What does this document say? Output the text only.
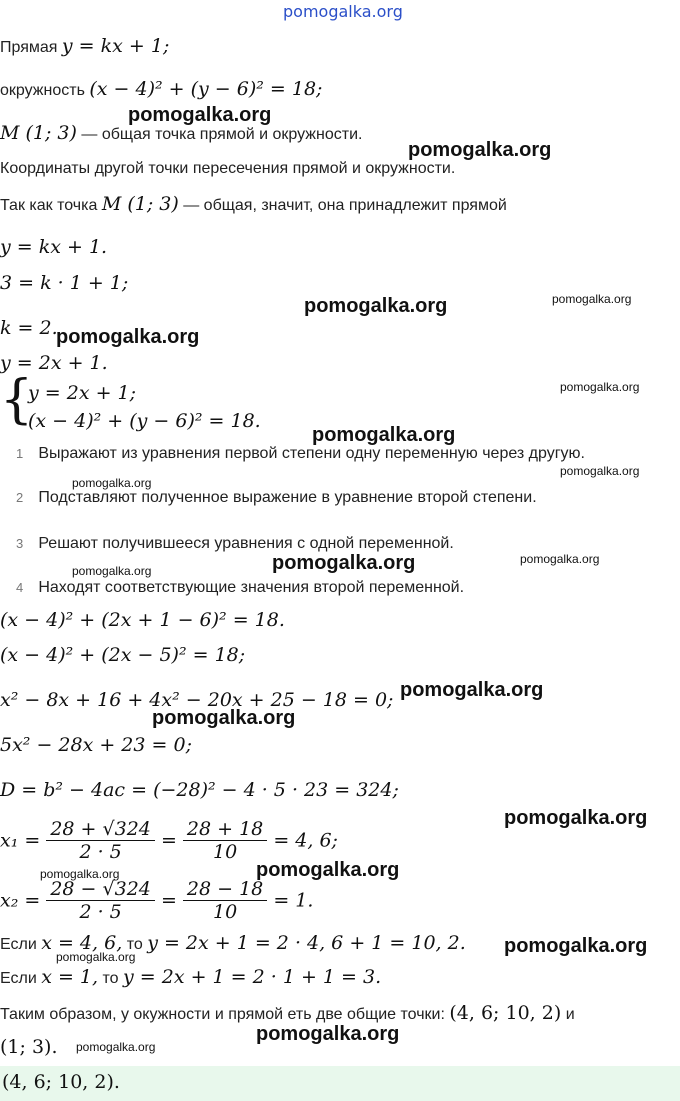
pomogalka.org
Прямая y = kx + 1;
окружность (x − 4)² + (y − 6)² = 18;
M (1; 3) — общая точка прямой и окружности.
Координаты другой точки пересечения прямой и окружности.
Так как точка M (1; 3) — общая, значит, она принадлежит прямой
y = kx + 1.
3 = k · 1 + 1;
k = 2.
y = 2x + 1.
{
y = 2x + 1;
(x − 4)² + (y − 6)² = 18.
1 Выражают из уравнения первой степени одну переменную через другую.
2 Подставляют полученное выражение в уравнение второй степени.
3 Решают получившееся уравнения с одной переменной.
4 Находят соответствующие значения второй переменной.
(x − 4)² + (2x + 1 − 6)² = 18.
(x − 4)² + (2x − 5)² = 18;
x² − 8x + 16 + 4x² − 20x + 25 − 18 = 0;
5x² − 28x + 23 = 0;
D = b² − 4ac = (−28)² − 4 · 5 · 23 = 324;
$x_1 = \frac{28 + √324}{2 \cdot 5} = \frac{28 + 18}{10} = 4$, 6;
$x_2 = \frac{28 - √324}{2 \cdot 5} = \frac{28 - 18}{10} = 1$.
Если x = 4, 6, то y = 2x + 1 = 2 · 4, 6 + 1 = 10, 2.
Если x = 1, то y = 2x + 1 = 2 · 1 + 1 = 3.
Таким образом, у окужности и прямой еть две общие точки: (4, 6; 10, 2) и
(1; 3).
(4, 6; 10, 2).
pomogalka.org
pomogalka.org
pomogalka.org	pomogalka.org
pomogalka.org
pomogalka.org
pomogalka.org
pomogalka.org
pomogalka.org
pomogalka.org	pomogalka.org
pomogalka.org
pomogalka.org
pomogalka.org
pomogalka.org
pomogalka.org
pomogalka.org
pomogalka.org
pomogalka.org
pomogalka.org
pomogalka.org
